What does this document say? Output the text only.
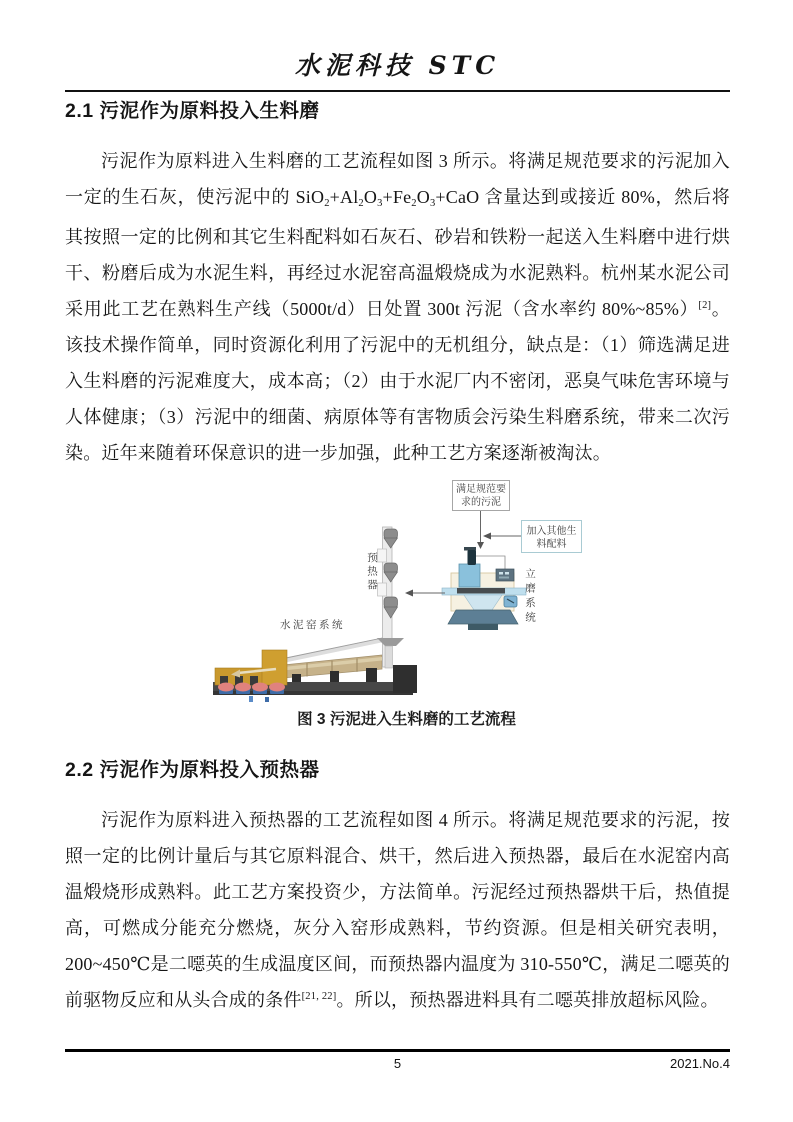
水泥科技 STC
2.1 污泥作为原料投入生料磨

污泥作为原料进入生料磨的工艺流程如图 3 所示。将满足规范要求的污泥加入一定的生石灰，使污泥中的 $SiO_2+Al_2O_3+Fe_2O_3+CaO$ 含量达到或接近 80%，然后将其按照一定的比例和其它生料配料如石灰石、砂岩和铁粉一起送入生料磨中进行烘干、粉磨后成为水泥生料，再经过水泥窑高温煅烧成为水泥熟料。杭州某水泥公司采用此工艺在熟料生产线（5000t/d）日处置 300t 污泥（含水率约 80%~85%）[2]。该技术操作简单，同时资源化利用了污泥中的无机组分，缺点是：（1）筛选满足进入生料磨的污泥难度大，成本高；（2）由于水泥厂内不密闭，恶臭气味危害环境与人体健康；（3）污泥中的细菌、病原体等有害物质会污染生料磨系统，带来二次污染。近年来随着环保意识的进一步加强，此种工艺方案逐渐被淘汰。

满足规范要求的污泥
加入其他生料配料
预热器
水泥窑系统	立磨系统
图 3 污泥进入生料磨的工艺流程
2.2 污泥作为原料投入预热器

污泥作为原料进入预热器的工艺流程如图 4 所示。将满足规范要求的污泥，按照一定的比例计量后与其它原料混合、烘干，然后进入预热器，最后在水泥窑内高温煅烧形成熟料。此工艺方案投资少，方法简单。污泥经过预热器烘干后，热值提高，可燃成分能充分燃烧，灰分入窑形成熟料，节约资源。但是相关研究表明，200~450℃是二噁英的生成温度区间，而预热器内温度为 310-550℃，满足二噁英的前驱物反应和从头合成的条件[21, 22]。所以，预热器进料具有二噁英排放超标风险。

5	2021.No.4
